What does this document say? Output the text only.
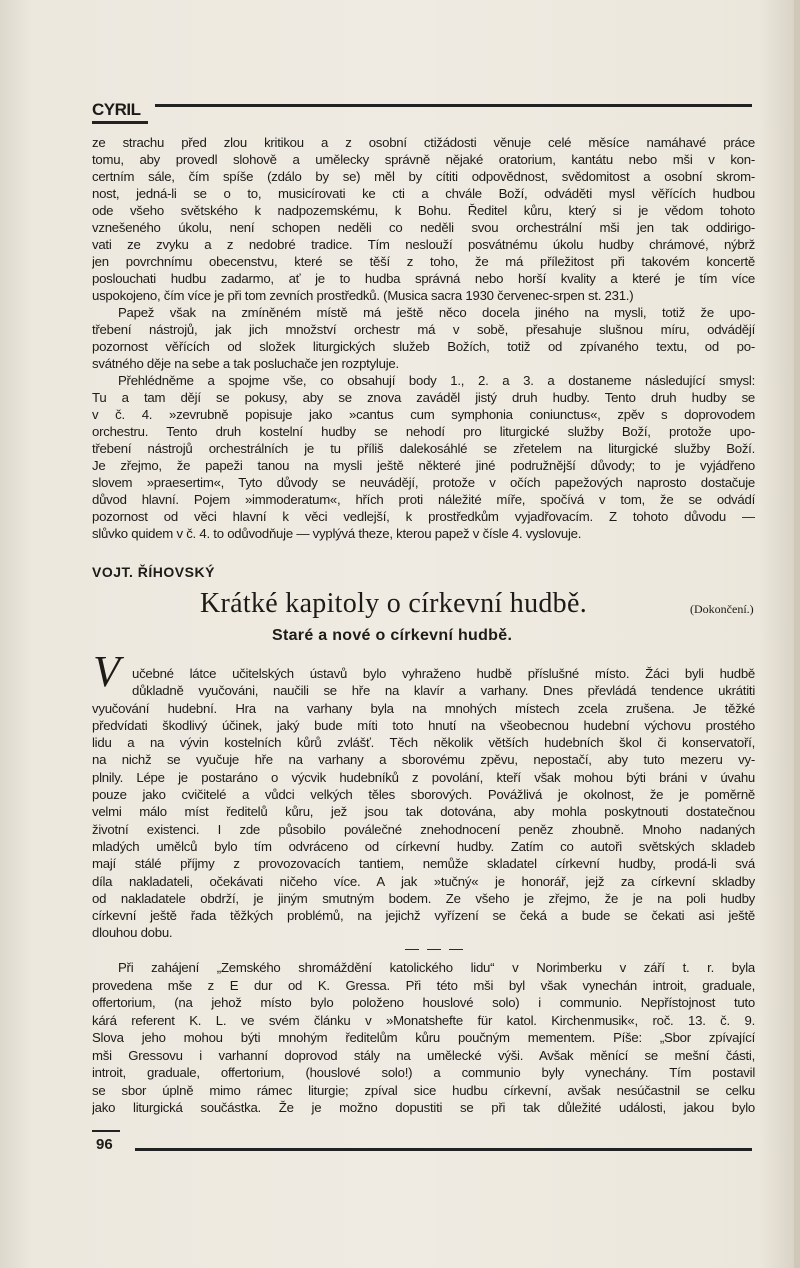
CYRIL
ze strachu před zlou kritikou a z osobní ctižádosti věnuje celé měsíce namáhavé práce
tomu, aby provedl slohově a umělecky správně nějaké oratorium, kantátu nebo mši v kon-
certním sále, čím spíše (zdálo by se) měl by cítiti odpovědnost, svědomitost a osobní skrom-
nost, jedná-li se o to, musicírovati ke cti a chvále Boží, odváděti mysl věřících hudbou
ode všeho světského k nadpozemskému, k Bohu. Ředitel kůru, který si je vědom tohoto
vznešeného úkolu, není schopen neděli co neděli svou orchestrální mši jen tak oddirigo-
vati ze zvyku a z nedobré tradice. Tím neslouží posvátnému úkolu hudby chrámové, nýbrž
jen povrchnímu obecenstvu, které se těší z toho, že má příležitost při takovém koncertě
poslouchati hudbu zadarmo, ať je to hudba správná nebo horší kvality a které je tím více
uspokojeno, čím více je při tom zevních prostředků. (Musica sacra 1930 červenec-srpen st. 231.)
Papež však na zmíněném místě má ještě něco docela jiného na mysli, totiž že upo-
třebení nástrojů, jak jich množství orchestr má v sobě, přesahuje slušnou míru, odvádějí
pozornost věřících od složek liturgických služeb Božích, totiž od zpívaného textu, od po-
svátného děje na sebe a tak posluchače jen rozptyluje.
Přehlédněme a spojme vše, co obsahují body 1., 2. a 3. a dostaneme následující smysl:
Tu a tam dějí se pokusy, aby se znova zaváděl jistý druh hudby. Tento druh hudby se
v č. 4. »zevrubně popisuje jako »cantus cum symphonia coniunctus«, zpěv s doprovodem
orchestru. Tento druh kostelní hudby se nehodí pro liturgické služby Boží, protože upo-
třebení nástrojů orchestrálních je tu příliš dalekosáhlé se zřetelem na liturgické služby Boží.
Je zřejmo, že papeži tanou na mysli ještě některé jiné podružnější důvody; to je vyjádřeno
slovem »praesertim«, Tyto důvody se neuvádějí, protože v očích papežových naprosto dostačuje
důvod hlavní. Pojem »immoderatum«, hřích proti náležité míře, spočívá v tom, že se odvádí
pozornost od věci hlavní k věci vedlejší, k prostředkům vyjadřovacím. Z tohoto důvodu —
slůvko quidem v č. 4. to odůvodňuje — vyplývá theze, kterou papež v čísle 4. vyslovuje.
VOJT. ŘÍHOVSKÝ
Krátké kapitoly o církevní hudbě.	(Dokončení.)
Staré a nové o církevní hudbě.
V učebné látce učitelských ústavů bylo vyhraženo hudbě příslušné místo. Žáci byli hudbě
důkladně vyučováni, naučili se hře na klavír a varhany. Dnes převládá tendence ukrátiti
vyučování hudební. Hra na varhany byla na mnohých místech zcela zrušena. Je těžké
předvídati škodlivý účinek, jaký bude míti toto hnutí na všeobecnou hudební výchovu prostého
lidu a na vývin kostelních kůrů zvlášť. Těch několik větších hudebních škol či konservatoří,
na nichž se vyučuje hře na varhany a sborovému zpěvu, nepostačí, aby tuto mezeru vy-
plnily. Lépe je postaráno o výcvik hudebníků z povolání, kteří však mohou býti bráni v úvahu
pouze jako cvičitelé a vůdci velkých těles sborových. Povážlivá je okolnost, že je poměrně
velmi málo míst ředitelů kůru, jež jsou tak dotována, aby mohla poskytnouti dostatečnou
životní existenci. I zde působilo poválečné znehodnocení peněz zhoubně. Mnoho nadaných
mladých umělců bylo tím odvráceno od církevní hudby. Zatím co autoři světských skladeb
mají stálé příjmy z provozovacích tantiem, nemůže skladatel církevní hudby, prodá-li svá
díla nakladateli, očekávati ničeho více. A jak »tučný« je honorář, jejž za církevní skladby
od nakladatele obdrží, je jiným smutným bodem. Ze všeho je zřejmo, že je na poli hudby
církevní ještě řada těžkých problémů, na jejichž vyřízení se čeká a bude se čekati asi ještě
dlouhou dobu.
———
Při zahájení „Zemského shromáždění katolického lidu“ v Norimberku v září t. r. byla
provedena mše z E dur od K. Gressa. Při této mši byl však vynechán introit, graduale,
offertorium, (na jehož místo bylo položeno houslové solo) i communio. Nepřístojnost tuto
kárá referent K. L. ve svém článku v »Monatshefte für katol. Kirchenmusik«, roč. 13. č. 9.
Slova jeho mohou býti mnohým ředitelům kůru poučným mementem. Píše: „Sbor zpívající
mši Gressovu i varhanní doprovod stály na umělecké výši. Avšak měnící se mešní části,
introit, graduale, offertorium, (houslové solo!) a communio byly vynechány. Tím postavil
se sbor úplně mimo rámec liturgie; zpíval sice hudbu církevní, avšak nesúčastnil se celku
jako liturgická součástka. Že je možno dopustiti se při tak důležité události, jakou bylo
96
